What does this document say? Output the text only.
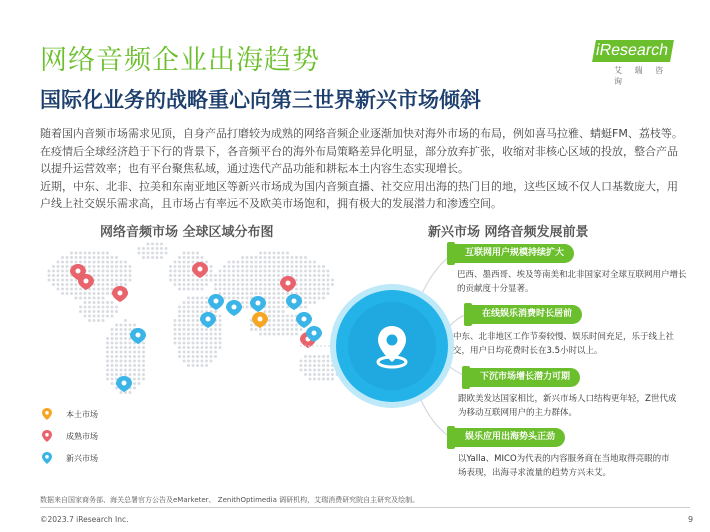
网络音频企业出海趋势
国际化业务的战略重心向第三世界新兴市场倾斜
iResearch
艾 瑞 咨 询

随着国内音频市场需求见顶，自身产品打磨较为成熟的网络音频企业逐渐加快对海外市场的布局，例如喜马拉雅、蜻蜓FM、荔枝等。在疫情后全球经济趋于下行的背景下，各音频平台的海外布局策略差异化明显，部分放弃扩张，收缩对非核心区域的投放，整合产品以提升运营效率；也有平台聚焦私域，通过迭代产品功能和耕耘本土内容生态实现增长。

近期，中东、北非、拉美和东南亚地区等新兴市场成为国内音频直播、社交应用出海的热门目的地，这些区域不仅人口基数庞大，用户线上社交娱乐需求高，且市场占有率远不及欧美市场饱和，拥有极大的发展潜力和渗透空间。

网络音频市场 全球区域分布图	新兴市场 网络音频发展前景
互联网用户规模持续扩大
巴西、墨西哥、埃及等南美和北非国家对全球互联网用户增长的贡献度十分显著。
在线娱乐消费时长居前
中东、北非地区工作节奏较慢、娱乐时间充足，乐于线上社交，用户日均花费时长在3.5小时以上。
下沉市场增长潜力可期
跟欧美发达国家相比，新兴市场人口结构更年轻，Z世代成为移动互联网用户的主力群体。
娱乐应用出海势头正劲
以Yalla、MICO为代表的内容服务商在当地取得亮眼的市场表现，出海寻求流量的趋势方兴未艾。
本土市场
成熟市场
新兴市场
数据来自国家商务部、海关总署官方公告及eMarketer、 ZenithOptimedia 调研机构，艾瑞消费研究院自主研究及绘制。
©2023.7 iResearch Inc.	9
